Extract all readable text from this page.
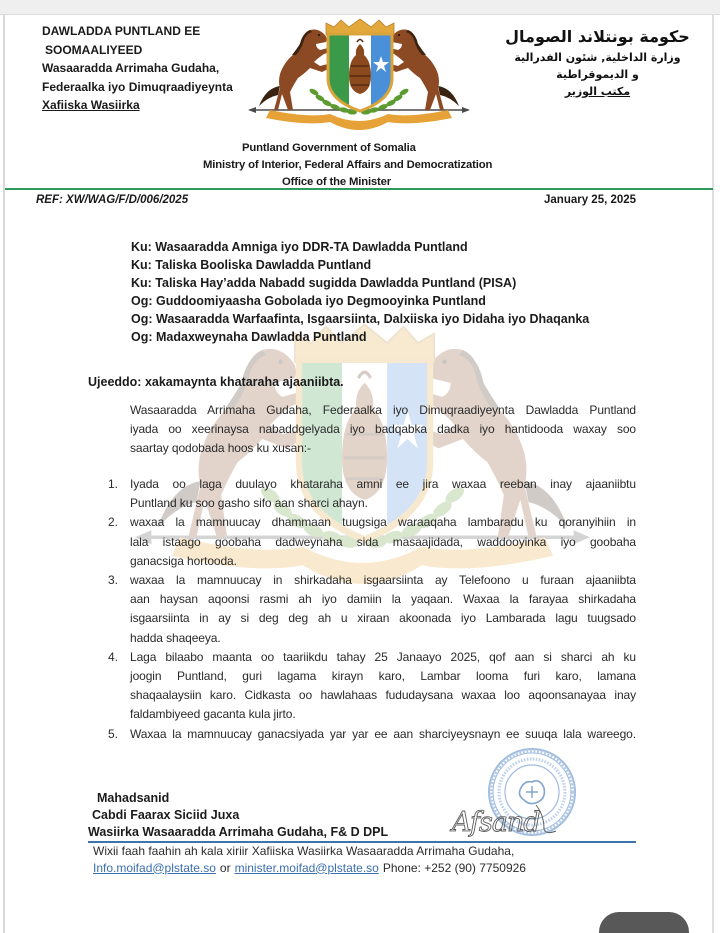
DAWLADDA PUNTLAND EE
SOOMAALIYEED
Wasaaradda Arrimaha Gudaha,
Federaalka iyo Dimuqraadiyeynta
Xafiiska Wasiirka
حكومة بونتلاند الصومال
وزارة الداخلية, شئون الفدرالية
و الديموقراطية
مكتب الوزير
Puntland Government of Somalia
Ministry of Interior, Federal Affairs and Democratization
Office of the Minister
REF: XW/WAG/F/D/006/2025	January 25, 2025
Ku: Wasaaradda Amniga iyo DDR-TA Dawladda Puntland
Ku: Taliska Booliska Dawladda Puntland
Ku: Taliska Hay’adda Nabadd sugidda Dawladda Puntland (PISA)
Og: Guddoomiyaasha Gobolada iyo Degmooyinka Puntland
Og: Wasaaradda Warfaafinta, Isgaarsiinta, Dalxiiska iyo Didaha iyo Dhaqanka
Og: Madaxweynaha Dawladda Puntland
Ujeeddo: xakamaynta khataraha ajaaniibta.
Wasaaradda Arrimaha Gudaha, Federaalka iyo Dimuqraadiyeynta Dawladda Puntland
iyada oo xeerinaysa nabaddgelyada iyo badqabka dadka iyo hantidooda waxay soo
saartay qodobada hoos ku xusan:-
1. Iyada oo laga duulayo khataraha amni ee jira waxaa reeban inay ajaaniibtu
Puntland ku soo gasho sifo aan sharci ahayn.
2. waxaa la mamnuucay dhammaan tuugsiga waraaqaha lambaradu ku qoranyihiin in
lala istaago goobaha dadweynaha sida masaajidada, waddooyinka iyo goobaha
ganacsiga hortooda.
3. waxaa la mamnuucay in shirkadaha isgaarsiinta ay Telefoono u furaan ajaaniibta
aan haysan aqoonsi rasmi ah iyo damiin la yaqaan. Waxaa la farayaa shirkadaha
isgaarsiinta in ay si deg deg ah u xiraan akoonada iyo Lambarada lagu tuugsado
hadda shaqeeya.
4. Laga bilaabo maanta oo taariikdu tahay 25 Janaayo 2025, qof aan si sharci ah ku
joogin Puntland, guri lagama kirayn karo, Lambar looma furi karo, lamana
shaqaalaysiin karo. Cidkasta oo hawlahaas fududaysana waxaa loo aqoonsanayaa inay
faldambiyeed gacanta kula jirto.
5. Waxaa la mamnuucay ganacsiyada yar yar ee aan sharciyeysnayn ee suuqa lala wareego.
Mahadsanid
Cabdi Faarax Siciid Juxa
Wasiirka Wasaaradda Arrimaha Gudaha, F& D DPL Afsand
Wixii faah faahin ah kala xiriir Xafiiska Wasiirka Wasaaradda Arrimaha Gudaha,
Info.moifad@plstate.so or minister.moifad@plstate.so Phone: +252 (90) 7750926
